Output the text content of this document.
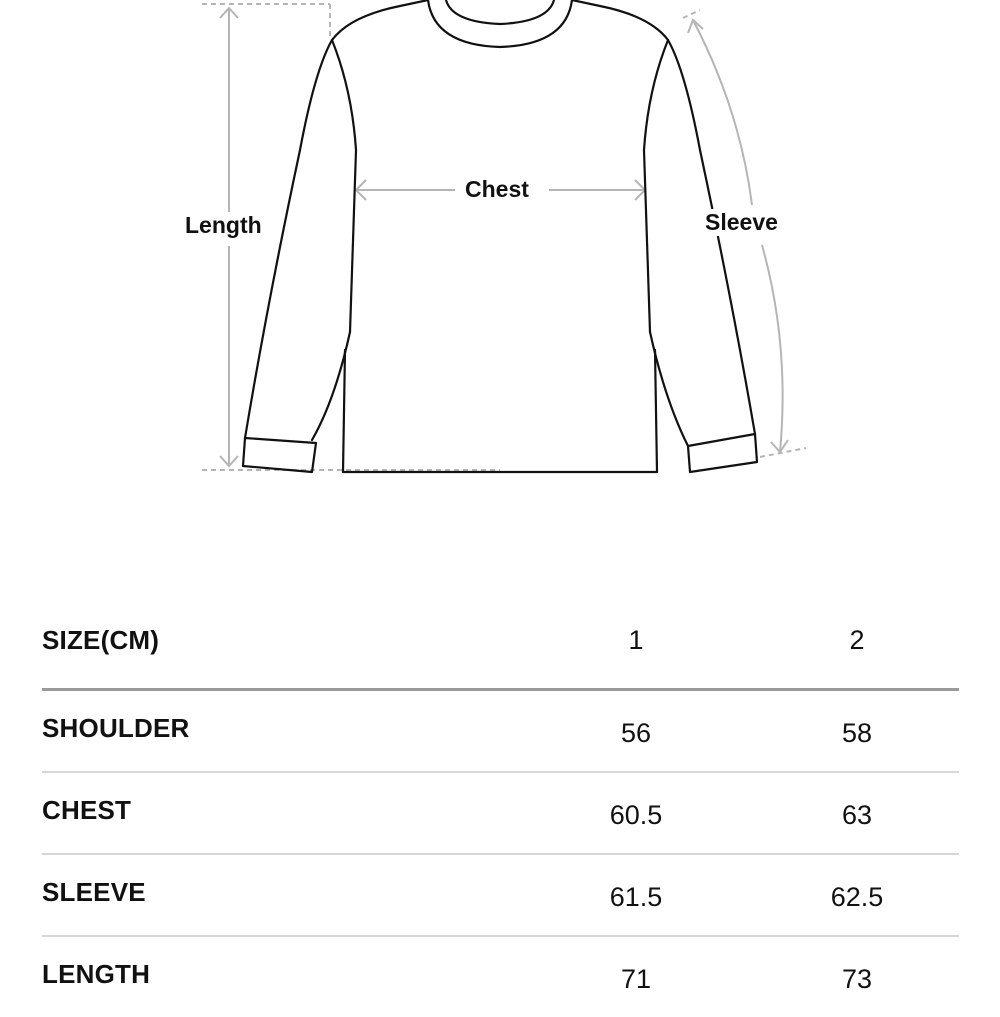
Length
Chest
Sleeve
SIZE(CM)	1	2
SHOULDER	56	58
CHEST	60.5	63
SLEEVE	61.5	62.5
LENGTH	71	73
